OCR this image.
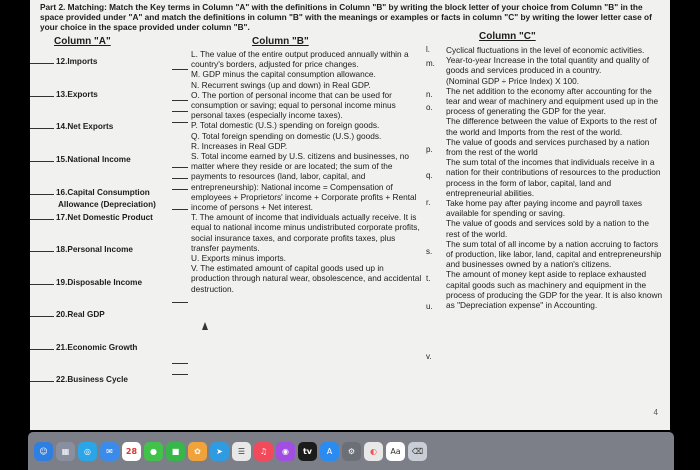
Part 2. Matching: Match the Key terms in Column "A" with the definitions in Column "B" by writing the block letter of your choice from Column "B" in the space provided under "A" and match the definitions in column "B" with the meanings or examples or facts in column "C" by writing the lower letter case of your choice in the space provided under column "B".
Column "A"	Column "B"	Column "C"
12.Imports
13.Exports
14.Net Exports
15.National Income
16.Capital Consumption
Allowance (Depreciation)
17.Net Domestic Product
18.Personal Income
19.Disposable Income
20.Real GDP
21.Economic Growth
22.Business Cycle

L. The value of the entire output produced annually within a country's borders, adjusted for price changes.

M. GDP minus the capital consumption allowance.

N. Recurrent swings (up and down) in Real GDP.

O. The portion of personal income that can be used for consumption or saving; equal to personal income minus personal taxes (especially income taxes).

P. Total domestic (U.S.) spending on foreign goods.

Q. Total foreign spending on domestic (U.S.) goods.

R. Increases in Real GDP.

S. Total income earned by U.S. citizens and businesses, no matter where they reside or are located; the sum of the payments to resources (land, labor, capital, and entrepreneurship): National income = Compensation of employees + Proprietors' income + Corporate profits + Rental income of persons + Net interest.

T. The amount of income that individuals actually receive. It is equal to national income minus undistributed corporate profits, social insurance taxes, and corporate profits taxes, plus transfer payments.

U. Exports minus imports.

V. The estimated amount of capital goods used up in production through natural wear, obsolescence, and accidental destruction.

l.
m.
n.
o.
p.
q.
r.
s.
t.
u.
v.

Cyclical fluctuations in the level of economic activities.

Year-to-year Increase in the total quantity and quality of goods and services produced in a country.

(Nominal GDP ÷ Price Index) X 100.

The net addition to the economy after accounting for the tear and wear of machinery and equipment used up in the process of generating the GDP for the year.

The difference between the value of Exports to the rest of the world and Imports from the rest of the world.

The value of goods and services purchased by a nation from the rest of the world

The sum total of the incomes that individuals receive in a nation for their contributions of resources to the production process in the form of labor, capital, land and entrepreneurial abilities.

Take home pay after paying income and payroll taxes available for spending or saving.

The value of goods and services sold by a nation to the rest of the world.

The sum total of all income by a nation accruing to factors of production, like labor, land, capital and entrepreneurship and businesses owned by a nation's citizens.

The amount of money kept aside to replace exhausted capital goods such as machinery and equipment in the process of producing the GDP for the year. It is also known as "Depreciation expense" in Accounting.

4
☺	▦	◎	✉	28	●	■	✿	➤	☰	♫	◉	tv	A	⚙	◐	Aa	⌫
